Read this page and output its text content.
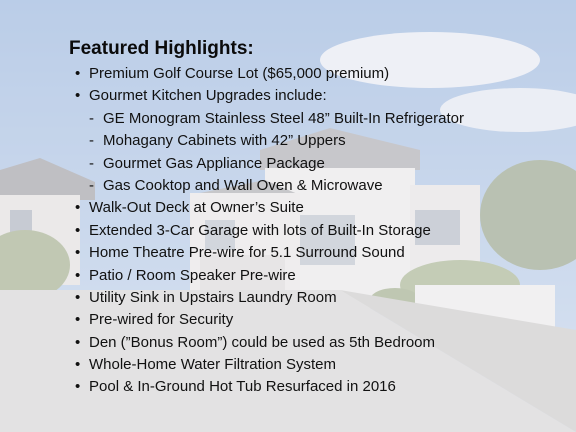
Featured Highlights:
• Premium Golf Course Lot ($65,000 premium)
• Gourmet Kitchen Upgrades include:
- GE Monogram Stainless Steel 48” Built-In Refrigerator
- Mohagany Cabinets with 42” Uppers
- Gourmet Gas Appliance Package
- Gas Cooktop and Wall Oven & Microwave
• Walk-Out Deck at Owner’s Suite
• Extended 3-Car Garage with lots of Built-In Storage
• Home Theatre Pre-wire for 5.1 Surround Sound
• Patio / Room Speaker Pre-wire
• Utility Sink in Upstairs Laundry Room
• Pre-wired for Security
• Den (”Bonus Room”) could be used as 5th Bedroom
• Whole-Home Water Filtration System
• Pool & In-Ground Hot Tub Resurfaced in 2016
